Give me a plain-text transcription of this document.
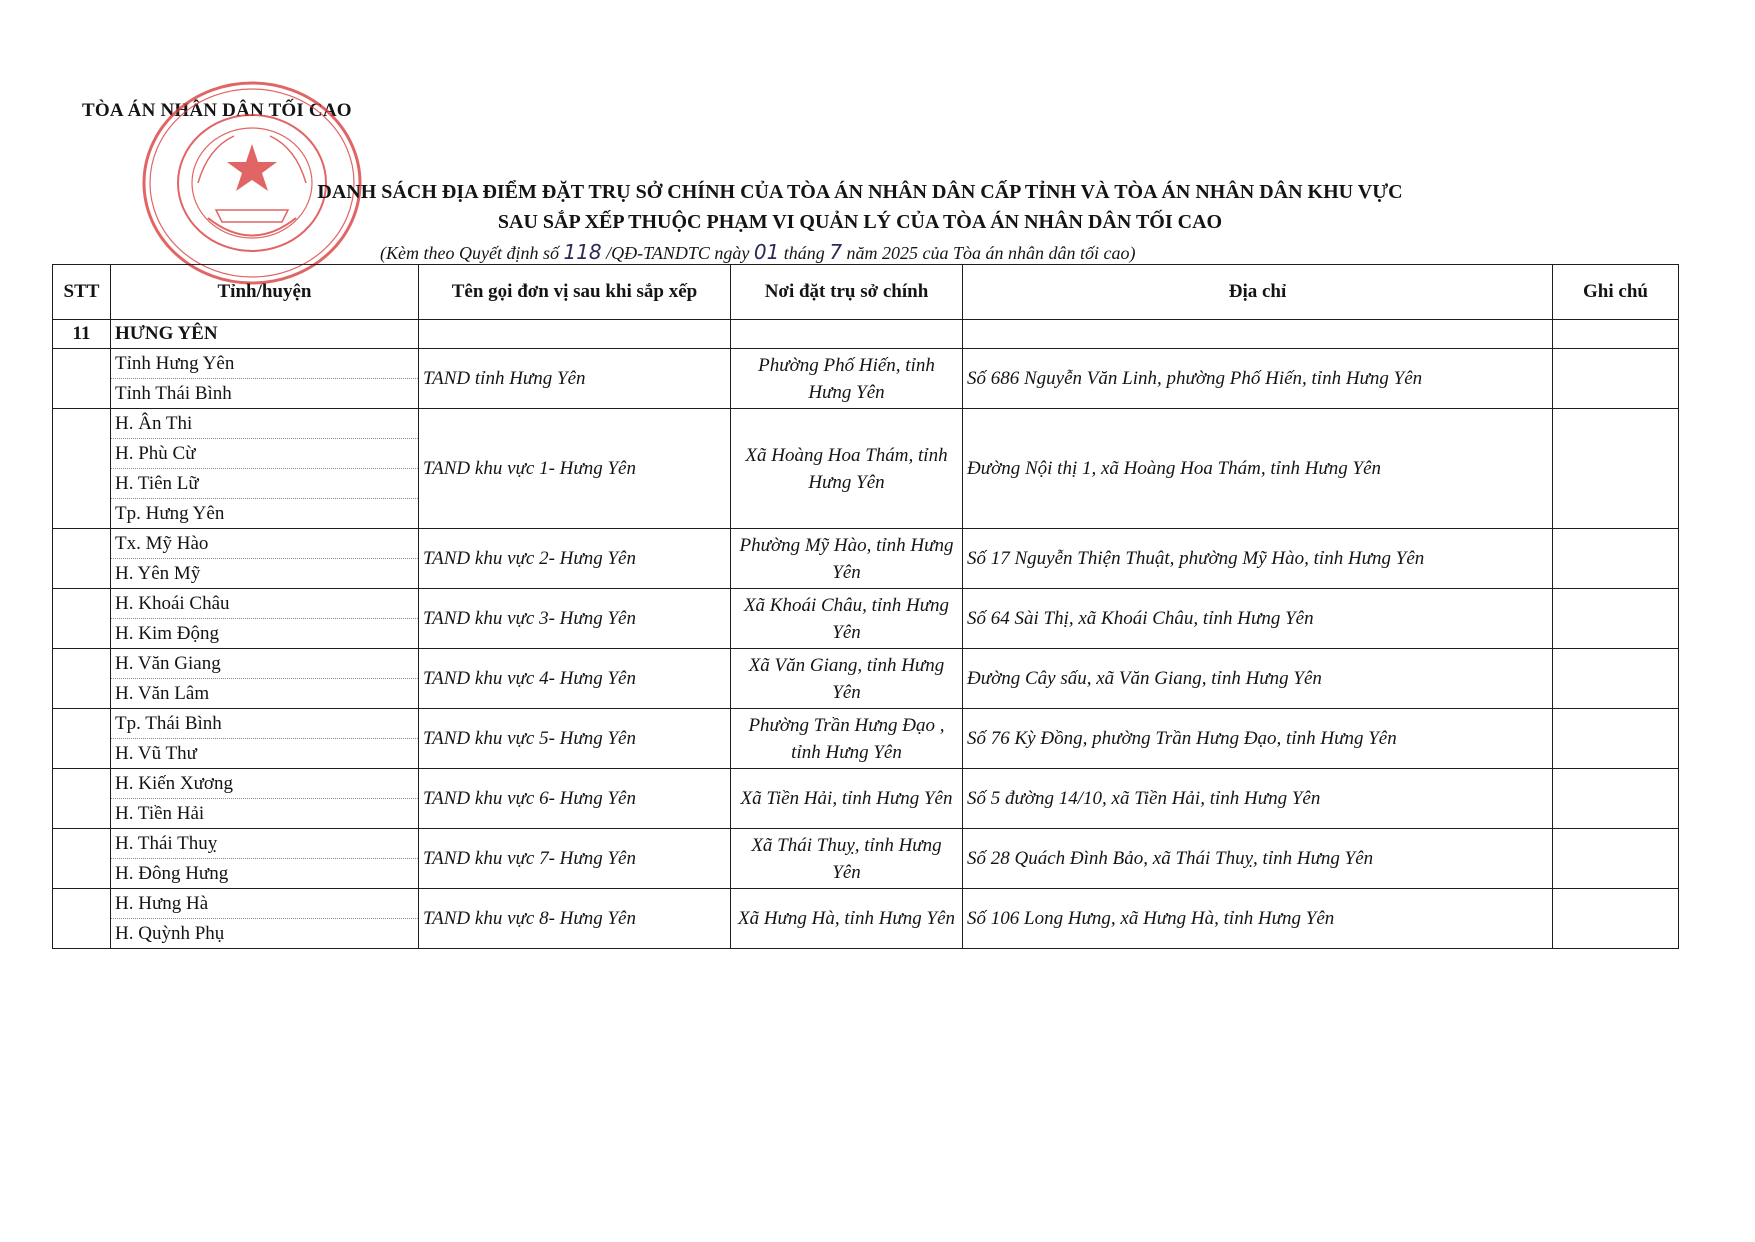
TÒA ÁN NHÂN DÂN TỐI CAO
DANH SÁCH ĐỊA ĐIỂM ĐẶT TRỤ SỞ CHÍNH CỦA TÒA ÁN NHÂN DÂN CẤP TỈNH VÀ TÒA ÁN NHÂN DÂN KHU VỰC
SAU SẮP XẾP THUỘC PHẠM VI QUẢN LÝ CỦA TÒA ÁN NHÂN DÂN TỐI CAO
(Kèm theo Quyết định số 118 /QĐ-TANDTC ngày 01 tháng 7 năm 2025 của Tòa án nhân dân tối cao)
STT	Tỉnh/huyện	Tên gọi đơn vị sau khi sắp xếp	Nơi đặt trụ sở chính	Địa chỉ	Ghi chú
11	HƯNG YÊN				

	Tỉnh Hưng Yên
Tỉnh Thái Bình	TAND tỉnh Hưng Yên	Phường Phố Hiến, tỉnh Hưng Yên	Số 686 Nguyễn Văn Linh, phường Phố Hiến, tỉnh Hưng Yên	

	H. Ân Thi
H. Phù Cừ
H. Tiên Lữ
Tp. Hưng Yên	TAND khu vực 1- Hưng Yên	Xã Hoàng Hoa Thám, tỉnh Hưng Yên	Đường Nội thị 1, xã Hoàng Hoa Thám, tỉnh Hưng Yên	

	Tx. Mỹ Hào
H. Yên Mỹ	TAND khu vực 2- Hưng Yên	Phường Mỹ Hào, tỉnh Hưng Yên	Số 17 Nguyễn Thiện Thuật, phường Mỹ Hào, tỉnh Hưng Yên	

	H. Khoái Châu
H. Kim Động	TAND khu vực 3- Hưng Yên	Xã Khoái Châu, tỉnh Hưng Yên	Số 64 Sài Thị, xã Khoái Châu, tỉnh Hưng Yên	

	H. Văn Giang
H. Văn Lâm	TAND khu vực 4- Hưng Yên	Xã Văn Giang, tỉnh Hưng Yên	Đường Cây sấu, xã Văn Giang, tỉnh Hưng Yên	

	Tp. Thái Bình
H. Vũ Thư	TAND khu vực 5- Hưng Yên	Phường Trần Hưng Đạo , tỉnh Hưng Yên	Số 76 Kỳ Đồng, phường Trần Hưng Đạo, tỉnh Hưng Yên	

	H. Kiến Xương
H. Tiền Hải	TAND khu vực 6- Hưng Yên	Xã Tiền Hải, tỉnh Hưng Yên	Số 5 đường 14/10, xã Tiền Hải, tỉnh Hưng Yên	

	H. Thái Thuỵ
H. Đông Hưng	TAND khu vực 7- Hưng Yên	Xã Thái Thuỵ, tỉnh Hưng Yên	Số 28 Quách Đình Bảo, xã Thái Thuỵ, tỉnh Hưng Yên	

	H. Hưng Hà
H. Quỳnh Phụ	TAND khu vực 8- Hưng Yên	Xã Hưng Hà, tỉnh Hưng Yên	Số 106 Long Hưng, xã Hưng Hà, tỉnh Hưng Yên	
